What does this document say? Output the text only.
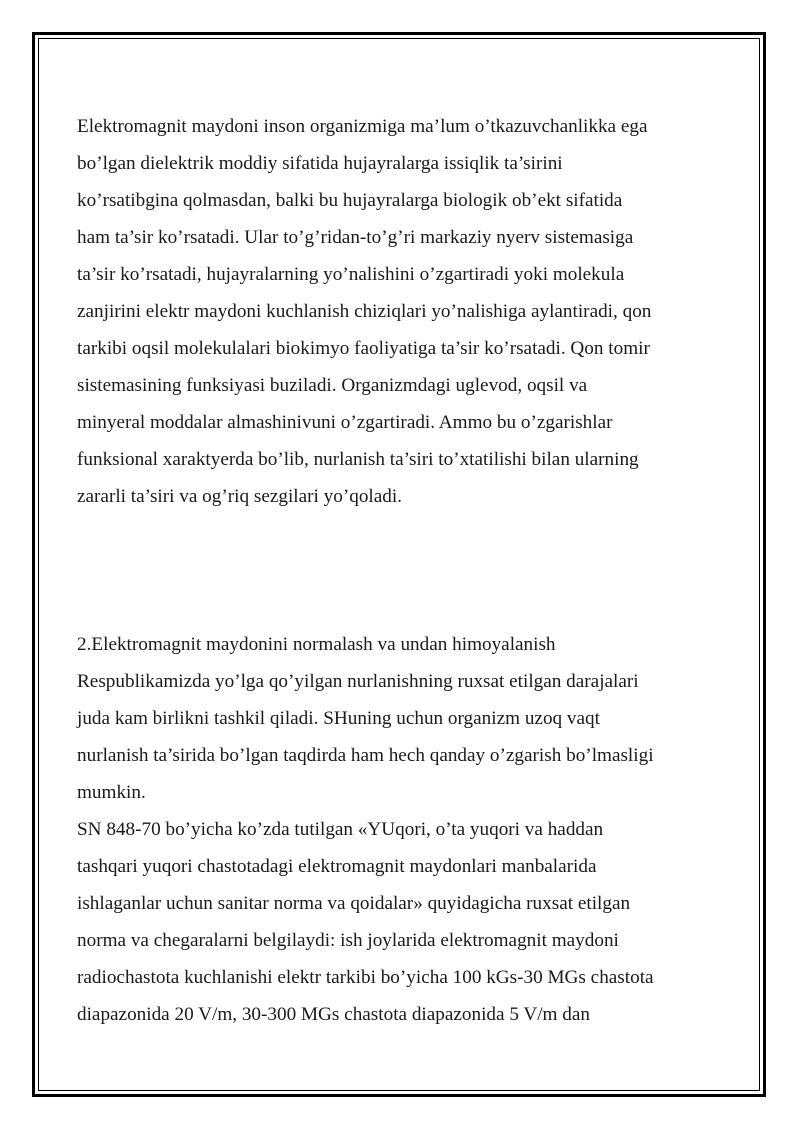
Elektromagnit maydoni inson organizmiga ma’lum o’tkazuvchanlikka ega
bo’lgan dielektrik moddiy sifatida hujayralarga issiqlik ta’sirini
ko’rsatibgina qolmasdan, balki bu hujayralarga biologik ob’ekt sifatida
ham ta’sir ko’rsatadi. Ular to’g’ridan-to’g’ri markaziy nyerv sistemasiga
ta’sir ko’rsatadi, hujayralarning yo’nalishini o’zgartiradi yoki molekula
zanjirini elektr maydoni kuchlanish chiziqlari yo’nalishiga aylantiradi, qon
tarkibi oqsil molekulalari biokimyo faoliyatiga ta’sir ko’rsatadi. Qon tomir
sistemasining funksiyasi buziladi. Organizmdagi uglevod, oqsil va
minyeral moddalar almashinivuni o’zgartiradi. Ammo bu o’zgarishlar
funksional xaraktyerda bo’lib, nurlanish ta’siri to’xtatilishi bilan ularning
zararli ta’siri va og’riq sezgilari yo’qoladi.
2.Elektromagnit maydonini normalash va undan himoyalanish
Respublikamizda yo’lga qo’yilgan nurlanishning ruxsat etilgan darajalari
juda kam birlikni tashkil qiladi. SHuning uchun organizm uzoq vaqt
nurlanish ta’sirida bo’lgan taqdirda ham hech qanday o’zgarish bo’lmasligi
mumkin.
SN 848-70 bo’yicha ko’zda tutilgan «YUqori, o’ta yuqori va haddan
tashqari yuqori chastotadagi elektromagnit maydonlari manbalarida
ishlaganlar uchun sanitar norma va qoidalar» quyidagicha ruxsat etilgan
norma va chegaralarni belgilaydi: ish joylarida elektromagnit maydoni
radiochastota kuchlanishi elektr tarkibi bo’yicha 100 kGs-30 MGs chastota
diapazonida 20 V/m, 30-300 MGs chastota diapazonida 5 V/m dan
